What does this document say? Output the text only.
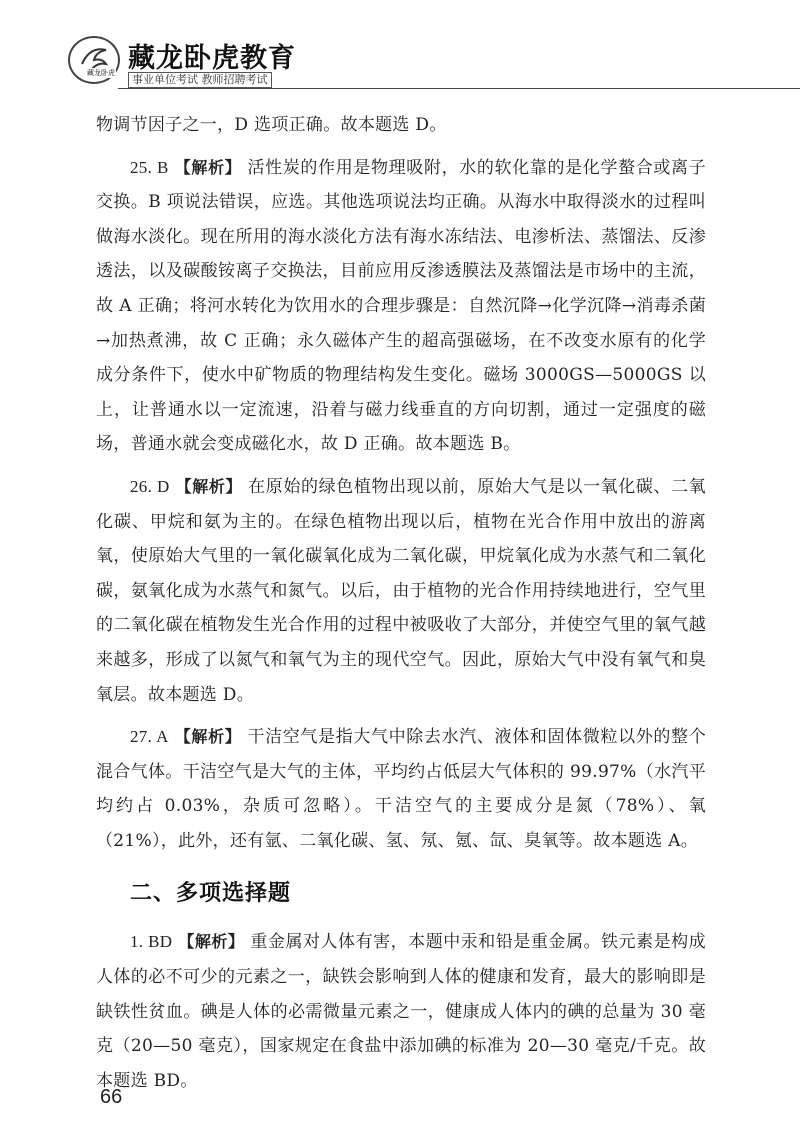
藏龙卧虎 藏龙卧虎教育
事业单位考试 教师招聘考试

物调节因子之一，D 选项正确。故本题选 D。

25. B 【解析】 活性炭的作用是物理吸附，水的软化靠的是化学螯合或离子交换。B 项说法错误，应选。其他选项说法均正确。从海水中取得淡水的过程叫做海水淡化。现在所用的海水淡化方法有海水冻结法、电渗析法、蒸馏法、反渗透法，以及碳酸铵离子交换法，目前应用反渗透膜法及蒸馏法是市场中的主流，故 A 正确；将河水转化为饮用水的合理步骤是：自然沉降→化学沉降→消毒杀菌→加热煮沸，故 C 正确；永久磁体产生的超高强磁场，在不改变水原有的化学成分条件下，使水中矿物质的物理结构发生变化。磁场 3000GS—5000GS 以上，让普通水以一定流速，沿着与磁力线垂直的方向切割，通过一定强度的磁场，普通水就会变成磁化水，故 D 正确。故本题选 B。

26. D 【解析】 在原始的绿色植物出现以前，原始大气是以一氧化碳、二氧化碳、甲烷和氨为主的。在绿色植物出现以后，植物在光合作用中放出的游离氧，使原始大气里的一氧化碳氧化成为二氧化碳，甲烷氧化成为水蒸气和二氧化碳，氨氧化成为水蒸气和氮气。以后，由于植物的光合作用持续地进行，空气里的二氧化碳在植物发生光合作用的过程中被吸收了大部分，并使空气里的氧气越来越多，形成了以氮气和氧气为主的现代空气。因此，原始大气中没有氧气和臭氧层。故本题选 D。

27. A 【解析】 干洁空气是指大气中除去水汽、液体和固体微粒以外的整个混合气体。干洁空气是大气的主体，平均约占低层大气体积的 99.97%（水汽平均约占 0.03%，杂质可忽略）。干洁空气的主要成分是氮（78%）、氧（21%），此外，还有氩、二氧化碳、氢、氖、氪、氙、臭氧等。故本题选 A。

二、多项选择题

1. BD 【解析】 重金属对人体有害，本题中汞和铅是重金属。铁元素是构成人体的必不可少的元素之一，缺铁会影响到人体的健康和发育，最大的影响即是缺铁性贫血。碘是人体的必需微量元素之一，健康成人体内的碘的总量为 30 毫克（20—50 毫克），国家规定在食盐中添加碘的标准为 20—30 毫克/千克。故本题选 BD。

66
